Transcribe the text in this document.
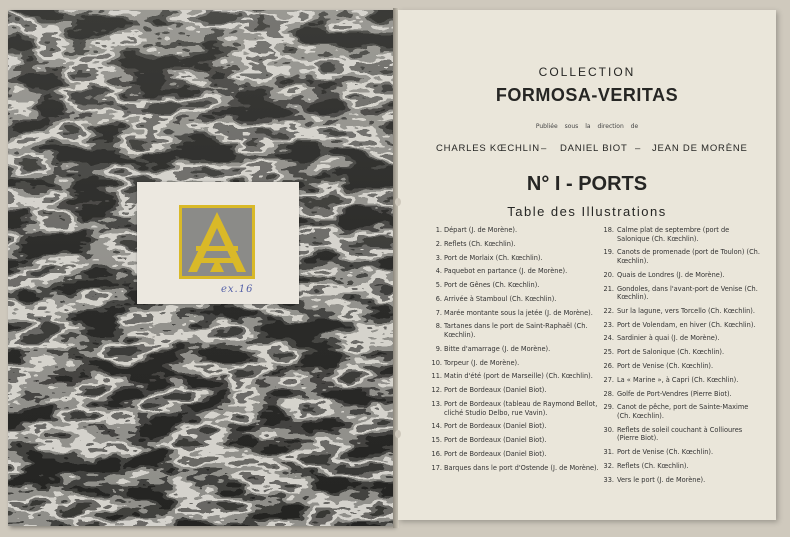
ex.16
COLLECTION
FORMOSA-VERITAS
Publiée sous la direction de
CHARLES KŒCHLIN – DANIEL BIOT – JEAN DE MORÈNE
N° I - PORTS
Table des Illustrations
1. Départ (J. de Morène).
2. Reflets (Ch. Kœchlin).
3. Port de Morlaix (Ch. Kœchlin).
4. Paquebot en partance (J. de Morène).
5. Port de Gênes (Ch. Kœchlin).
6. Arrivée à Stamboul (Ch. Kœchlin).
7. Marée montante sous la jetée (J. de Morène).
8. Tartanes dans le port de Saint-Raphaël (Ch. Kœchlin).
9. Bitte d'amarrage (J. de Morène).
10. Torpeur (J. de Morène).
11. Matin d'été (port de Marseille) (Ch. Kœchlin).
12. Port de Bordeaux (Daniel Biot).
13. Port de Bordeaux (tableau de Raymond Bellot, cliché Studio Delbo, rue Vavin).
14. Port de Bordeaux (Daniel Biot).
15. Port de Bordeaux (Daniel Biot).
16. Port de Bordeaux (Daniel Biot).
17. Barques dans le port d'Ostende (J. de Morène).
18. Calme plat de septembre (port de Salonique (Ch. Kœchlin).
19. Canots de promenade (port de Toulon) (Ch. Kœchlin).
20. Quais de Londres (J. de Morène).
21. Gondoles, dans l'avant-port de Venise (Ch. Kœchlin).
22. Sur la lagune, vers Torcello (Ch. Kœchlin).
23. Port de Volendam, en hiver (Ch. Kœchlin).
24. Sardinier à quai (J. de Morène).
25. Port de Salonique (Ch. Kœchlin).
26. Port de Venise (Ch. Kœchlin).
27. La « Marine », à Capri (Ch. Kœchlin).
28. Golfe de Port-Vendres (Pierre Biot).
29. Canot de pêche, port de Sainte-Maxime (Ch. Kœchlin).
30. Reflets de soleil couchant à Collioures (Pierre Biot).
31. Port de Venise (Ch. Kœchlin).
32. Reflets (Ch. Kœchlin).
33. Vers le port (J. de Morène).
